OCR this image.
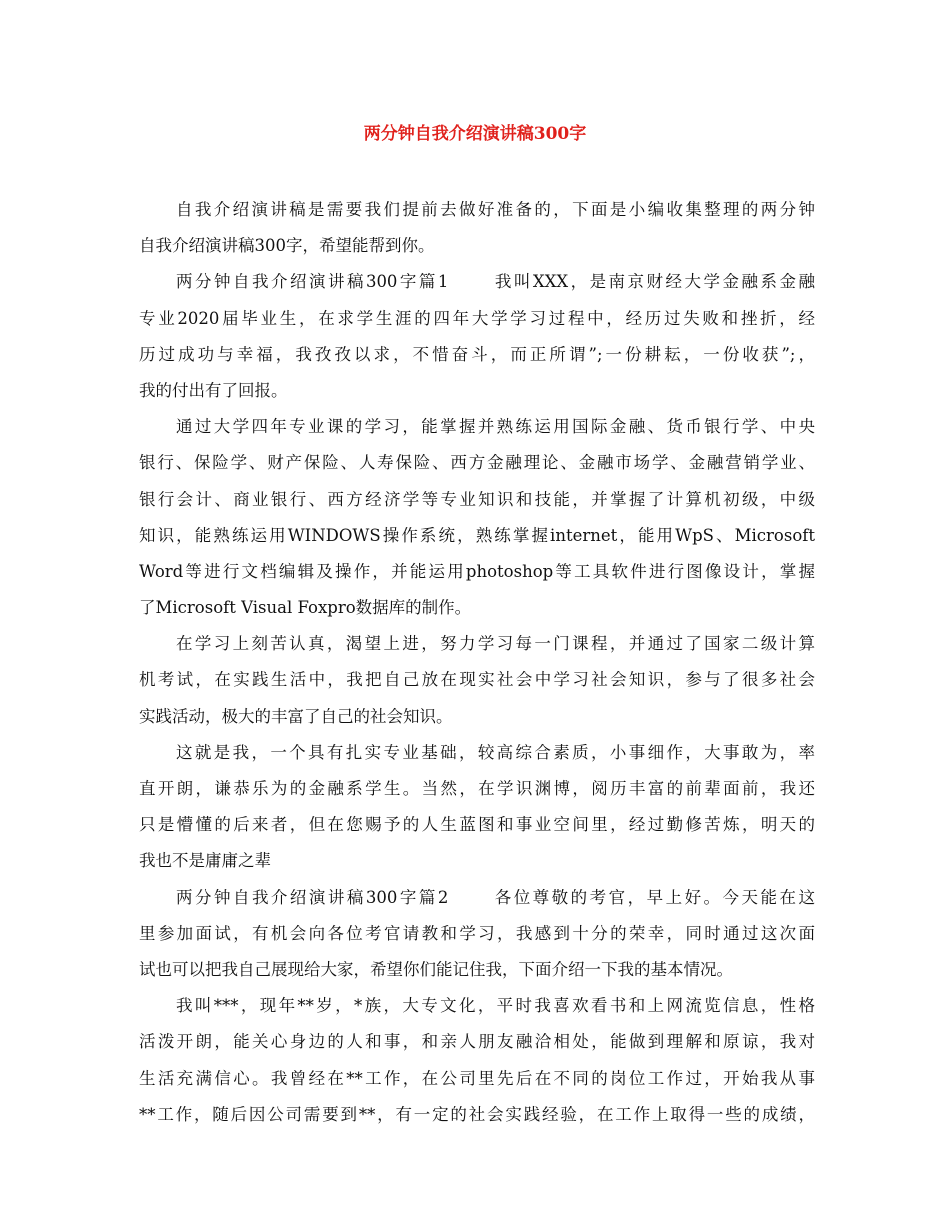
两分钟自我介绍演讲稿300字
自我介绍演讲稿是需要我们提前去做好准备的，下面是小编收集整理的两分钟
自我介绍演讲稿300字，希望能帮到你。
两分钟自我介绍演讲稿300字篇1      我叫XXX，是南京财经大学金融系金融
专业2020届毕业生，在求学生涯的四年大学学习过程中，经历过失败和挫折，经
历过成功与幸福，我孜孜以求，不惜奋斗，而正所谓”;一份耕耘，一份收获”;，
我的付出有了回报。
通过大学四年专业课的学习，能掌握并熟练运用国际金融、货币银行学、中央
银行、保险学、财产保险、人寿保险、西方金融理论、金融市场学、金融营销学业、
银行会计、商业银行、西方经济学等专业知识和技能，并掌握了计算机初级，中级
知识，能熟练运用WINDOWS操作系统，熟练掌握internet，能用WpS、Microsoft
Word等进行文档编辑及操作，并能运用photoshop等工具软件进行图像设计，掌握
了Microsoft Visual Foxpro数据库的制作。
在学习上刻苦认真，渴望上进，努力学习每一门课程，并通过了国家二级计算
机考试，在实践生活中，我把自己放在现实社会中学习社会知识，参与了很多社会
实践活动，极大的丰富了自己的社会知识。
这就是我，一个具有扎实专业基础，较高综合素质，小事细作，大事敢为，率
直开朗，谦恭乐为的金融系学生。当然，在学识渊博，阅历丰富的前辈面前，我还
只是懵懂的后来者，但在您赐予的人生蓝图和事业空间里，经过勤修苦炼，明天的
我也不是庸庸之辈
两分钟自我介绍演讲稿300字篇2      各位尊敬的考官，早上好。今天能在这
里参加面试，有机会向各位考官请教和学习，我感到十分的荣幸，同时通过这次面
试也可以把我自己展现给大家，希望你们能记住我，下面介绍一下我的基本情况。
我叫***，现年**岁，*族，大专文化，平时我喜欢看书和上网流览信息，性格
活泼开朗，能关心身边的人和事，和亲人朋友融洽相处，能做到理解和原谅，我对
生活充满信心。我曾经在**工作，在公司里先后在不同的岗位工作过，开始我从事
**工作，随后因公司需要到**，有一定的社会实践经验，在工作上取得一些的成绩，
